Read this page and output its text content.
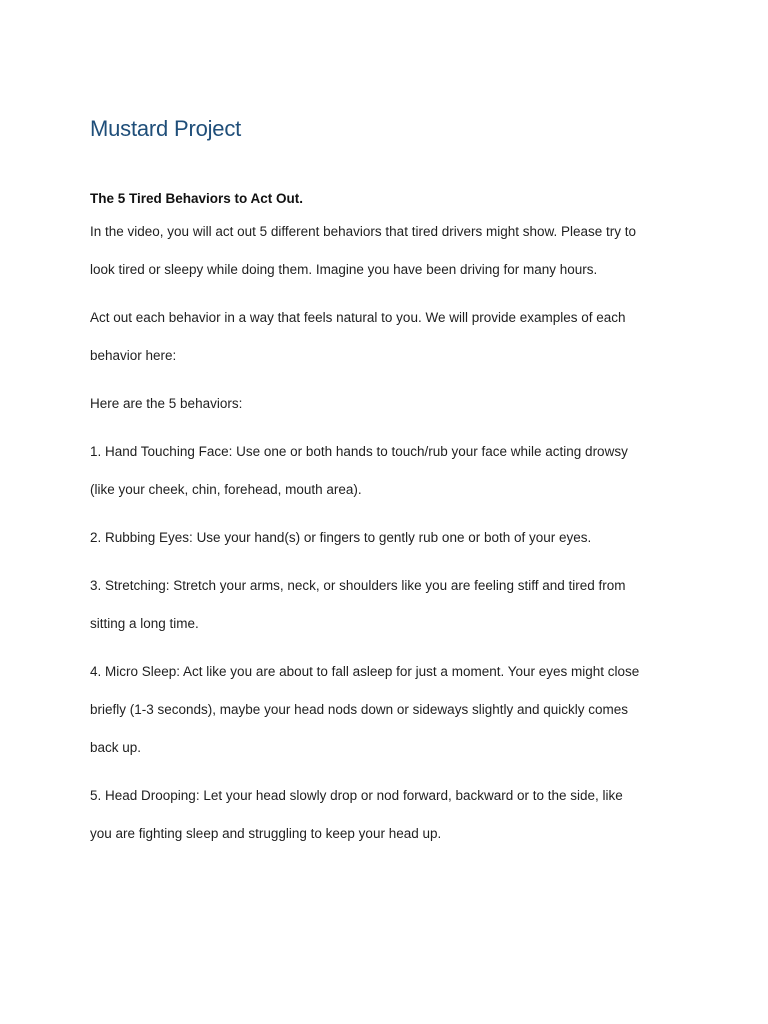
Mustard Project
The 5 Tired Behaviors to Act Out.

In the video, you will act out 5 different behaviors that tired drivers might show. Please try to
look tired or sleepy while doing them. Imagine you have been driving for many hours.

Act out each behavior in a way that feels natural to you. We will provide examples of each
behavior here:

Here are the 5 behaviors:

1. Hand Touching Face: Use one or both hands to touch/rub your face while acting drowsy
(like your cheek, chin, forehead, mouth area).

2. Rubbing Eyes: Use your hand(s) or fingers to gently rub one or both of your eyes.

3. Stretching: Stretch your arms, neck, or shoulders like you are feeling stiff and tired from
sitting a long time.

4. Micro Sleep: Act like you are about to fall asleep for just a moment. Your eyes might close
briefly (1-3 seconds), maybe your head nods down or sideways slightly and quickly comes
back up.

5. Head Drooping: Let your head slowly drop or nod forward, backward or to the side, like
you are fighting sleep and struggling to keep your head up.
